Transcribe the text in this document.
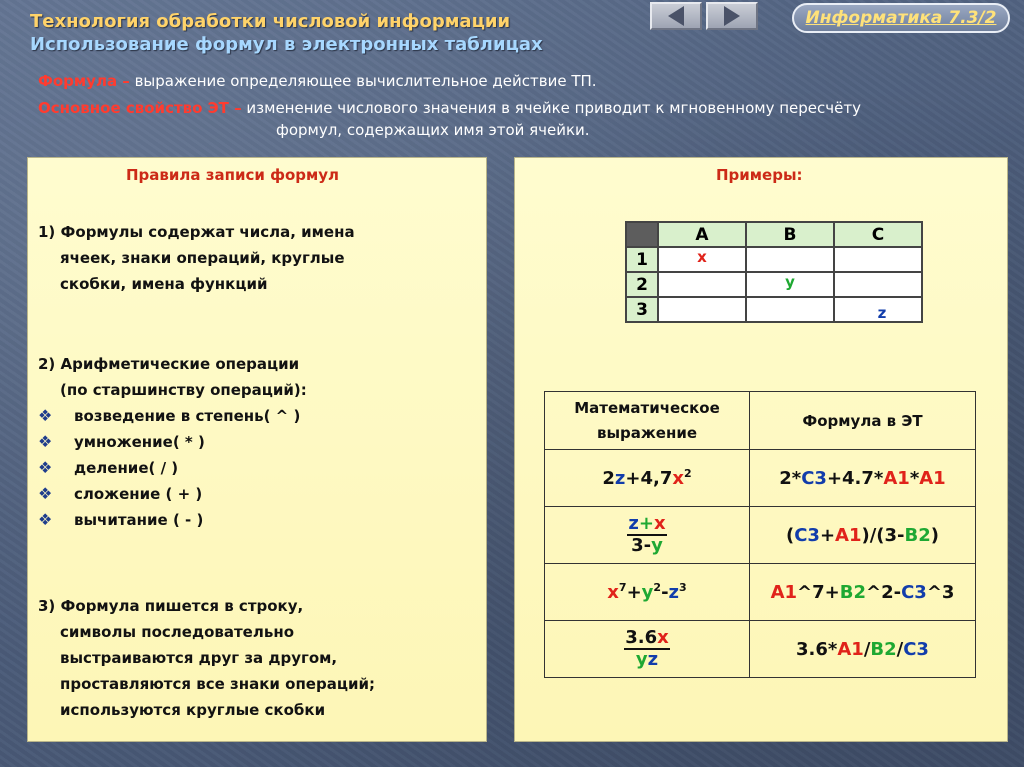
Технология обработки числовой информации
Использование формул в электронных таблицах
Информатика 7.3/2
Формула – выражение определяющее вычислительное действие ТП.
Основное свойство ЭТ – изменение числового значения в ячейке приводит к мгновенному пересчёту
формул, содержащих имя этой ячейки.
Правила записи формул
1) Формулы содержат числа, имена
ячеек, знаки операций, круглые
скобки, имена функций
2) Арифметические операции
(по старшинству операций):
❖	возведение в степень( ^ )
❖	умножение( * )
❖	деление( / )
❖	сложение ( + )
❖	вычитание ( - )
3) Формула пишется в строку,
символы последовательно
выстраиваются друг за другом,
проставляются все знаки операций;
используются круглые скобки
Примеры:
	A	B	C
1	x		
2		y	
3			z
Математическое выражение	Формула в ЭТ
$2z+4,7x^2$	2*C3+4.7*A1*A1

$\frac{z+x}{3-y}$	(C3+A1)/(3-B2)
$x^7+y^2-z^3$	A1^7+B2^2-C3^3

$\frac{3.6x}{yz}$	3.6*A1/B2/C3
